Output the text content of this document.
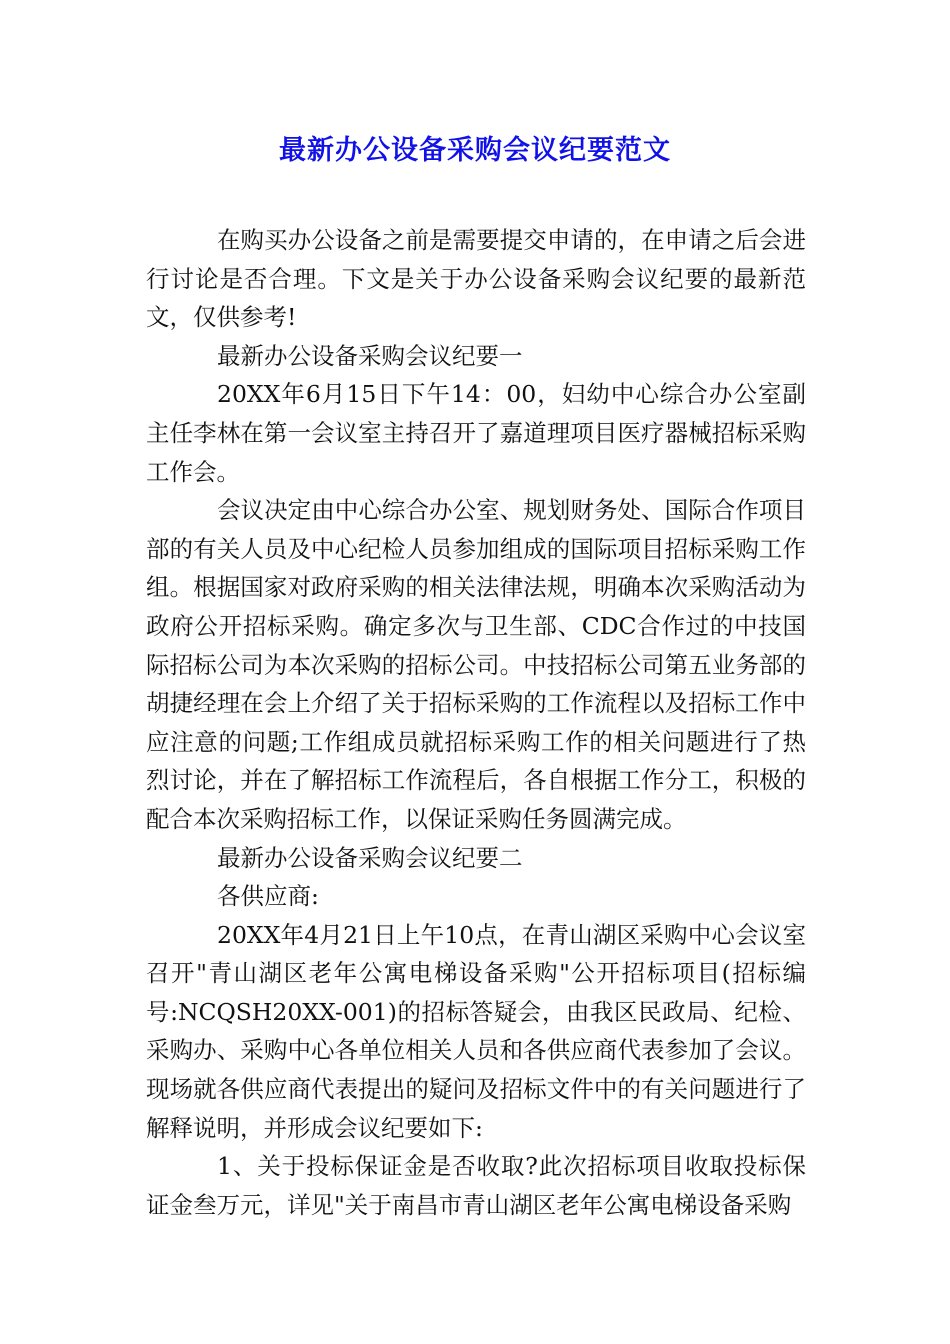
最新办公设备采购会议纪要范文

在购买办公设备之前是需要提交申请的，在申请之后会进行讨论是否合理。下文是关于办公设备采购会议纪要的最新范文，仅供参考!

最新办公设备采购会议纪要一

20XX年6月15日下午14：00，妇幼中心综合办公室副主任李林在第一会议室主持召开了嘉道理项目医疗器械招标采购工作会。

会议决定由中心综合办公室、规划财务处、国际合作项目部的有关人员及中心纪检人员参加组成的国际项目招标采购工作组。根据国家对政府采购的相关法律法规，明确本次采购活动为政府公开招标采购。确定多次与卫生部、CDC合作过的中技国际招标公司为本次采购的招标公司。中技招标公司第五业务部的胡捷经理在会上介绍了关于招标采购的工作流程以及招标工作中应注意的问题;工作组成员就招标采购工作的相关问题进行了热烈讨论，并在了解招标工作流程后，各自根据工作分工，积极的配合本次采购招标工作，以保证采购任务圆满完成。

最新办公设备采购会议纪要二

各供应商:

20XX年4月21日上午10点，在青山湖区采购中心会议室召开"青山湖区老年公寓电梯设备采购"公开招标项目(招标编号:NCQSH20XX-001)的招标答疑会，由我区民政局、纪检、采购办、采购中心各单位相关人员和各供应商代表参加了会议。现场就各供应商代表提出的疑问及招标文件中的有关问题进行了解释说明，并形成会议纪要如下:

1、关于投标保证金是否收取?此次招标项目收取投标保证金叁万元，详见"关于南昌市青山湖区老年公寓电梯设备采购
